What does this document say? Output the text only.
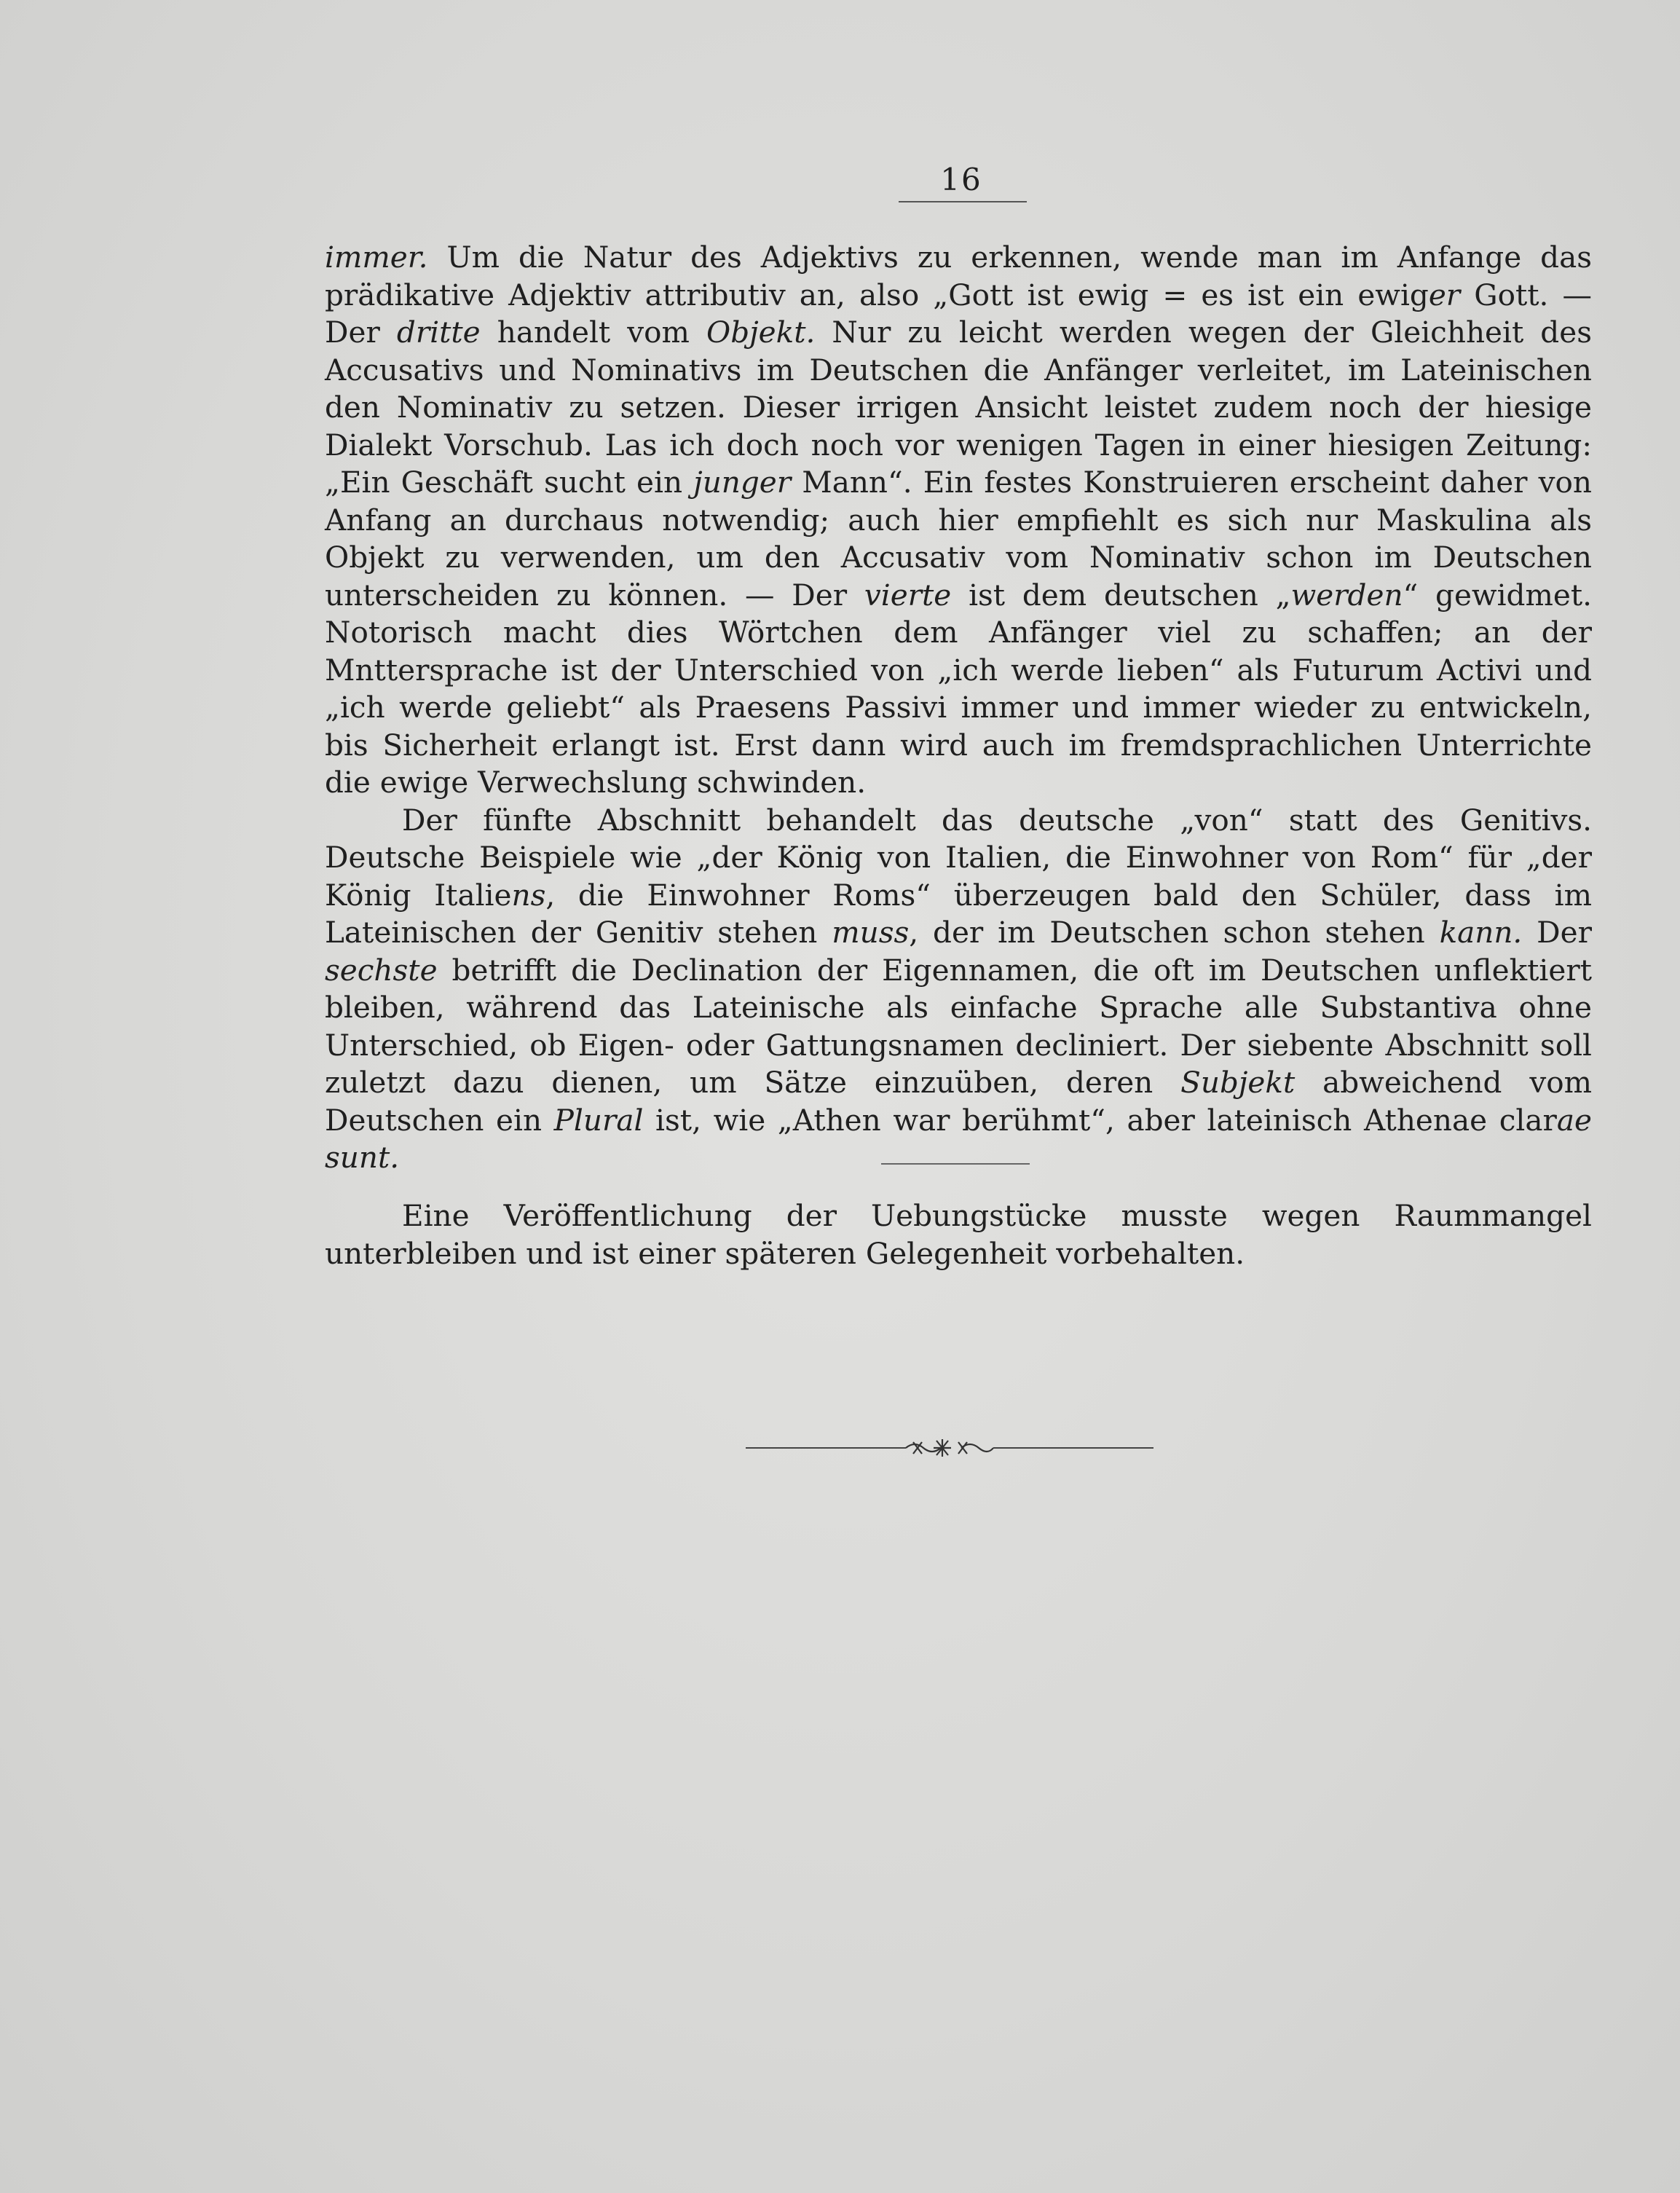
16

immer. Um die Natur des Adjektivs zu erkennen, wende man im Anfange das prädikative Adjektiv attributiv an, also „Gott ist ewig = es ist ein ewiger Gott. — Der dritte handelt vom Objekt. Nur zu leicht werden wegen der Gleichheit des Accusativs und Nominativs im Deutschen die Anfänger verleitet, im Lateinischen den Nominativ zu setzen. Dieser irrigen Ansicht leistet zudem noch der hiesige Dialekt Vorschub. Las ich doch noch vor wenigen Tagen in einer hiesigen Zeitung: „Ein Geschäft sucht ein junger Mann“. Ein festes Konstruieren erscheint daher von Anfang an durchaus notwendig; auch hier empfiehlt es sich nur Maskulina als Objekt zu verwenden, um den Accusativ vom Nominativ schon im Deutschen unterscheiden zu können. — Der vierte ist dem deutschen „werden“ gewidmet. Notorisch macht dies Wörtchen dem Anfänger viel zu schaffen; an der Mnttersprache ist der Unterschied von „ich werde lieben“ als Futurum Activi und „ich werde geliebt“ als Praesens Passivi immer und immer wieder zu entwickeln, bis Sicherheit erlangt ist. Erst dann wird auch im fremdsprachlichen Unterrichte die ewige Verwechslung schwinden.

Der fünfte Abschnitt behandelt das deutsche „von“ statt des Genitivs. Deutsche Beispiele wie „der König von Italien, die Einwohner von Rom“ für „der König Italiens, die Einwohner Roms“ überzeugen bald den Schüler, dass im Lateinischen der Genitiv stehen muss, der im Deutschen schon stehen kann. Der sechste betrifft die Declination der Eigennamen, die oft im Deutschen unflektiert bleiben, während das Lateinische als einfache Sprache alle Substantiva ohne Unterschied, ob Eigen- oder Gattungsnamen decliniert. Der siebente Abschnitt soll zuletzt dazu dienen, um Sätze einzuüben, deren Subjekt abweichend vom Deutschen ein Plural ist, wie „Athen war berühmt“, aber lateinisch Athenae clarae sunt.

Eine Veröffentlichung der Uebungstücke musste wegen Raummangel unterbleiben und ist einer späteren Gelegenheit vorbehalten.
